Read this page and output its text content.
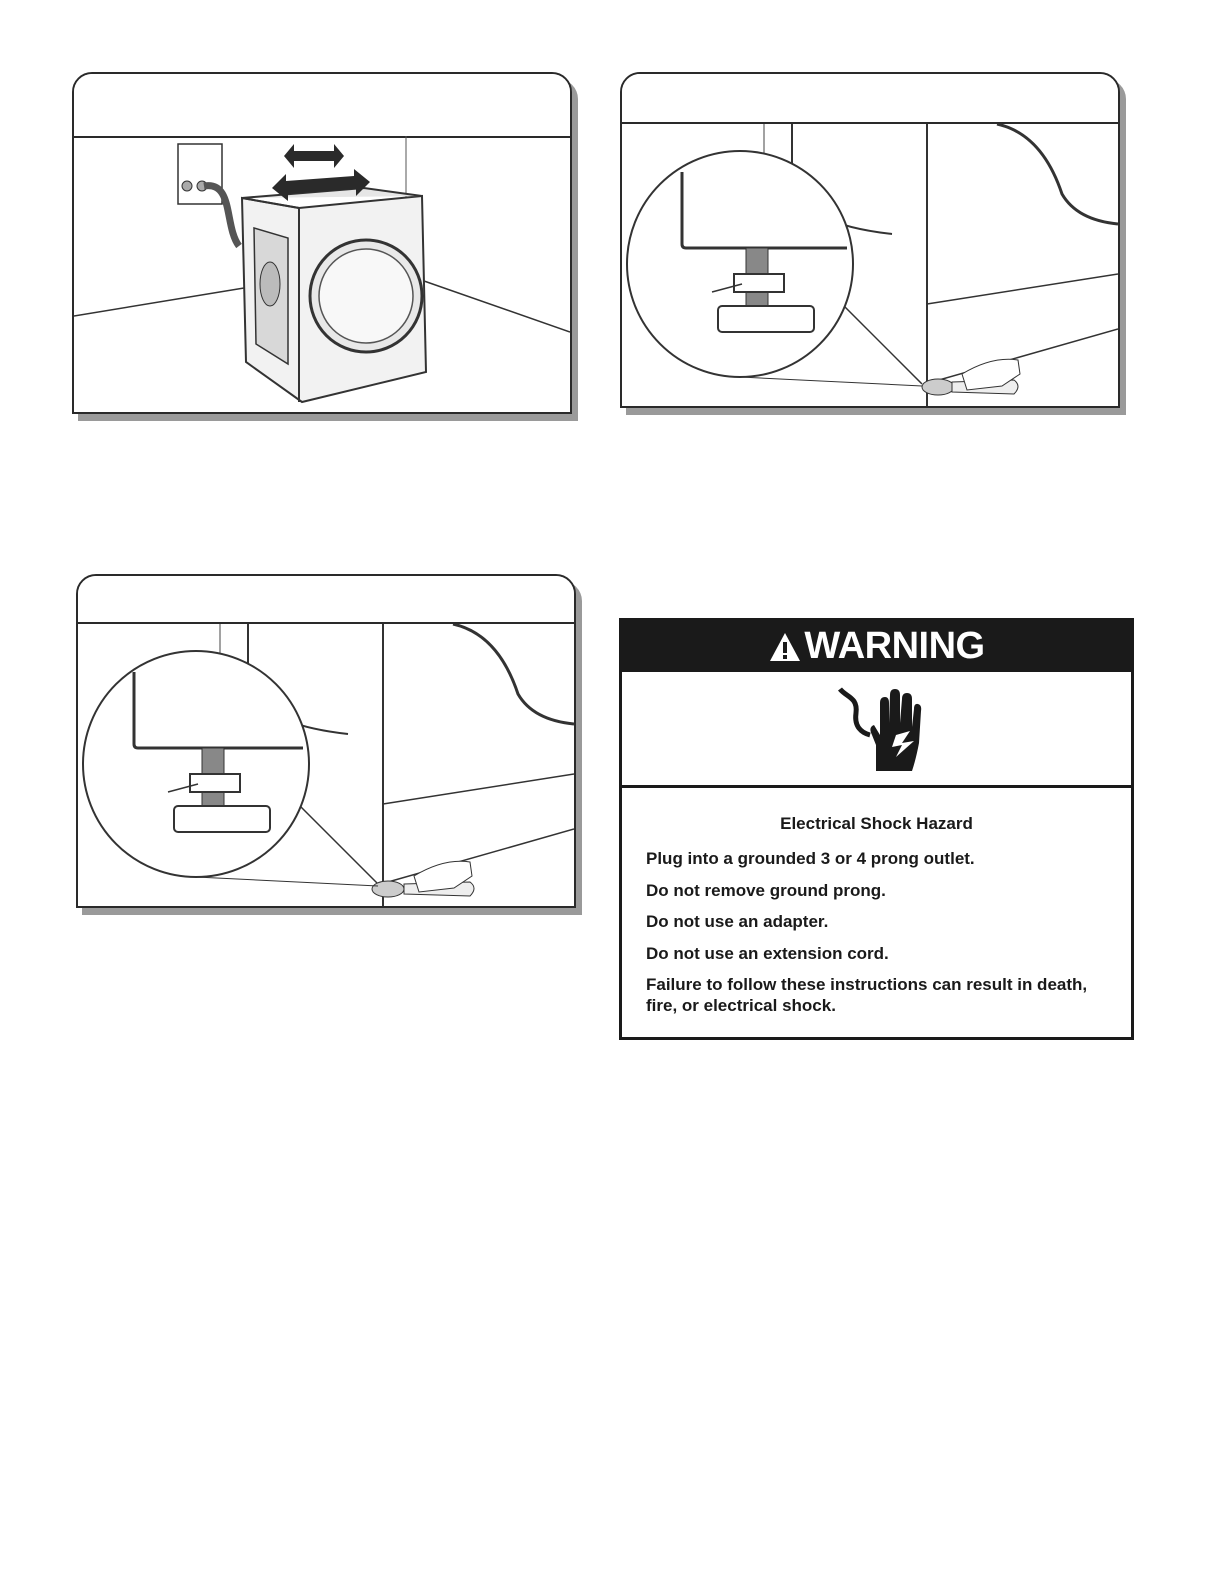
WARNING

Electrical Shock Hazard

Plug into a grounded 3 or 4 prong outlet.

Do not remove ground prong.

Do not use an adapter.

Do not use an extension cord.

Failure to follow these instructions can result in death, fire, or electrical shock.
